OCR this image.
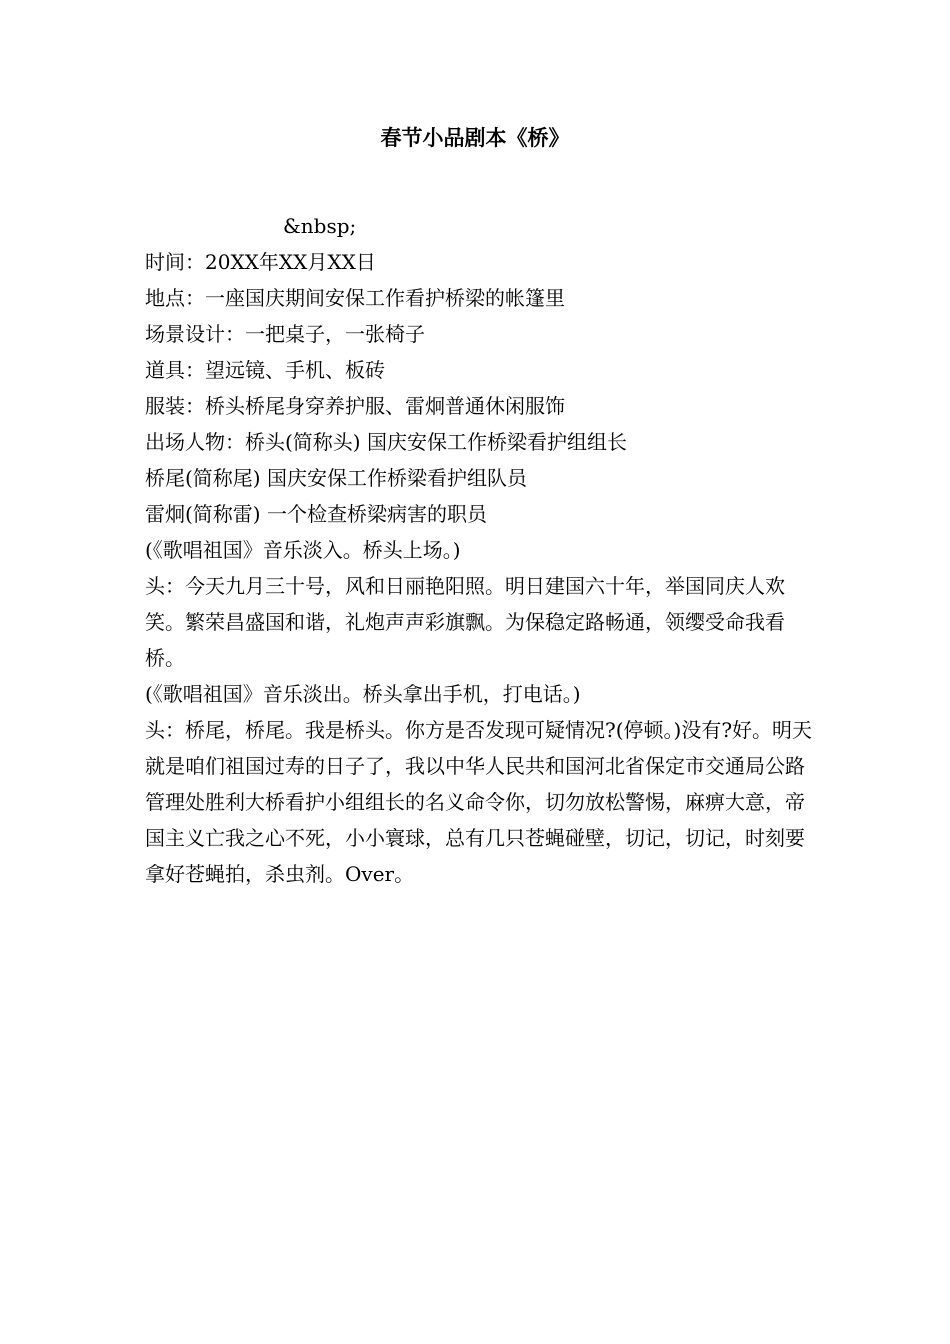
春节小品剧本《桥》

&nbsp;

时间：20XX年XX月XX日

地点：一座国庆期间安保工作看护桥梁的帐篷里

场景设计：一把桌子，一张椅子

道具：望远镜、手机、板砖

服装：桥头桥尾身穿养护服、雷炯普通休闲服饰

出场人物：桥头(简称头) 国庆安保工作桥梁看护组组长

桥尾(简称尾) 国庆安保工作桥梁看护组队员

雷炯(简称雷) 一个检查桥梁病害的职员

(《歌唱祖国》音乐淡入。桥头上场。)

头：今天九月三十号，风和日丽艳阳照。明日建国六十年，举国同庆人欢笑。繁荣昌盛国和谐，礼炮声声彩旗飘。为保稳定路畅通，领缨受命我看桥。

(《歌唱祖国》音乐淡出。桥头拿出手机，打电话。)

头：桥尾，桥尾。我是桥头。你方是否发现可疑情况?(停顿。)没有?好。明天就是咱们祖国过寿的日子了，我以中华人民共和国河北省保定市交通局公路管理处胜利大桥看护小组组长的名义命令你，切勿放松警惕，麻痹大意，帝国主义亡我之心不死，小小寰球，总有几只苍蝇碰壁，切记，切记，时刻要拿好苍蝇拍，杀虫剂。Over。
